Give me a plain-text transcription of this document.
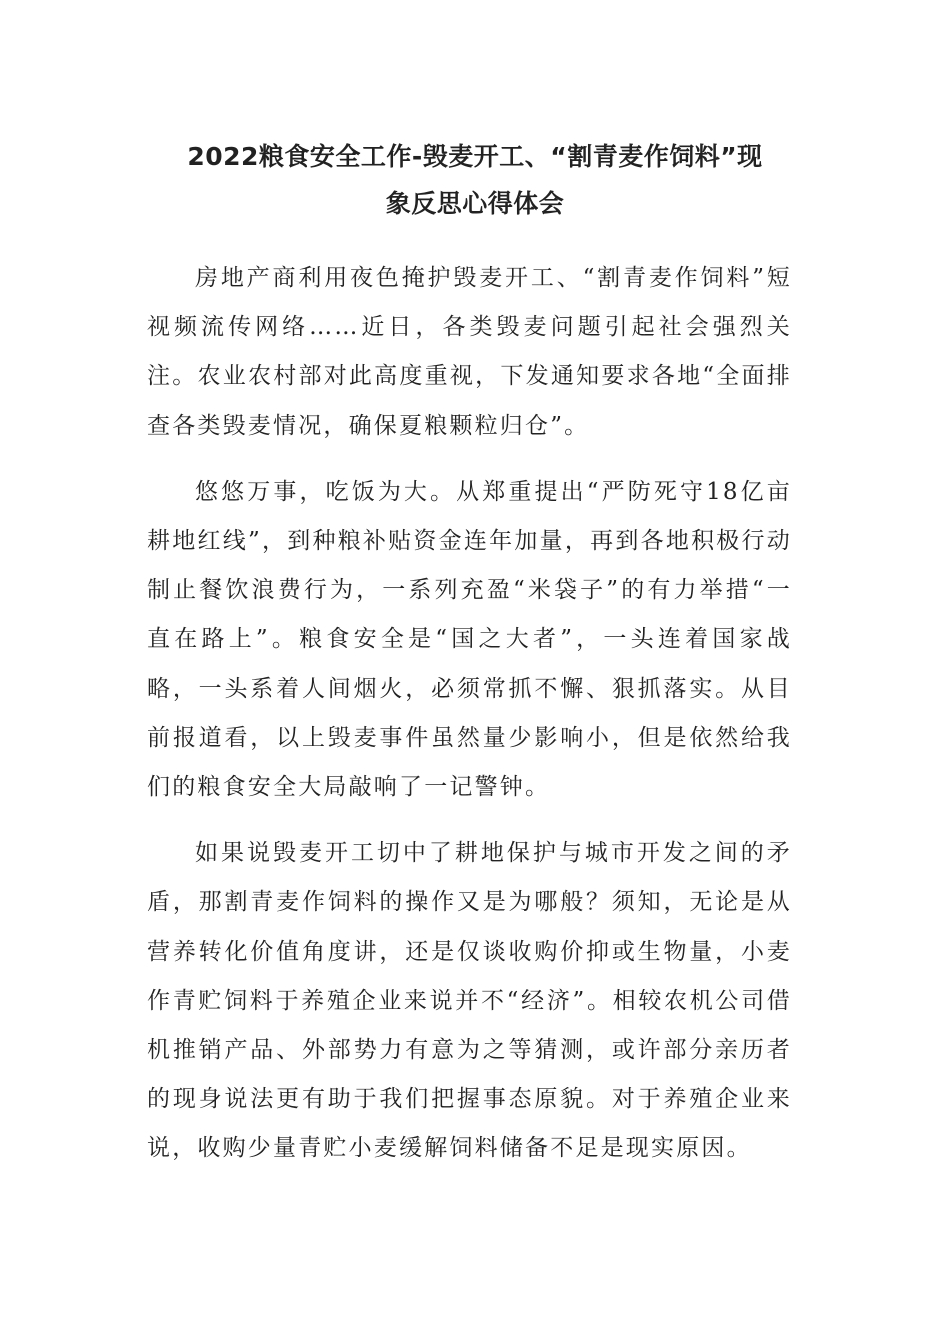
2022粮食安全工作-毁麦开工、“割青麦作饲料”现
象反思心得体会

房地产商利用夜色掩护毁麦开工、“割青麦作饲料”短视频流传网络……近日，各类毁麦问题引起社会强烈关注。农业农村部对此高度重视，下发通知要求各地“全面排查各类毁麦情况，确保夏粮颗粒归仓”。

悠悠万事，吃饭为大。从郑重提出“严防死守18亿亩耕地红线”，到种粮补贴资金连年加量，再到各地积极行动制止餐饮浪费行为，一系列充盈“米袋子”的有力举措“一直在路上”。粮食安全是“国之大者”，一头连着国家战略，一头系着人间烟火，必须常抓不懈、狠抓落实。从目前报道看，以上毁麦事件虽然量少影响小，但是依然给我们的粮食安全大局敲响了一记警钟。

如果说毁麦开工切中了耕地保护与城市开发之间的矛盾，那割青麦作饲料的操作又是为哪般？须知，无论是从营养转化价值角度讲，还是仅谈收购价抑或生物量，小麦作青贮饲料于养殖企业来说并不“经济”。相较农机公司借机推销产品、外部势力有意为之等猜测，或许部分亲历者的现身说法更有助于我们把握事态原貌。对于养殖企业来说，收购少量青贮小麦缓解饲料储备不足是现实原因。
